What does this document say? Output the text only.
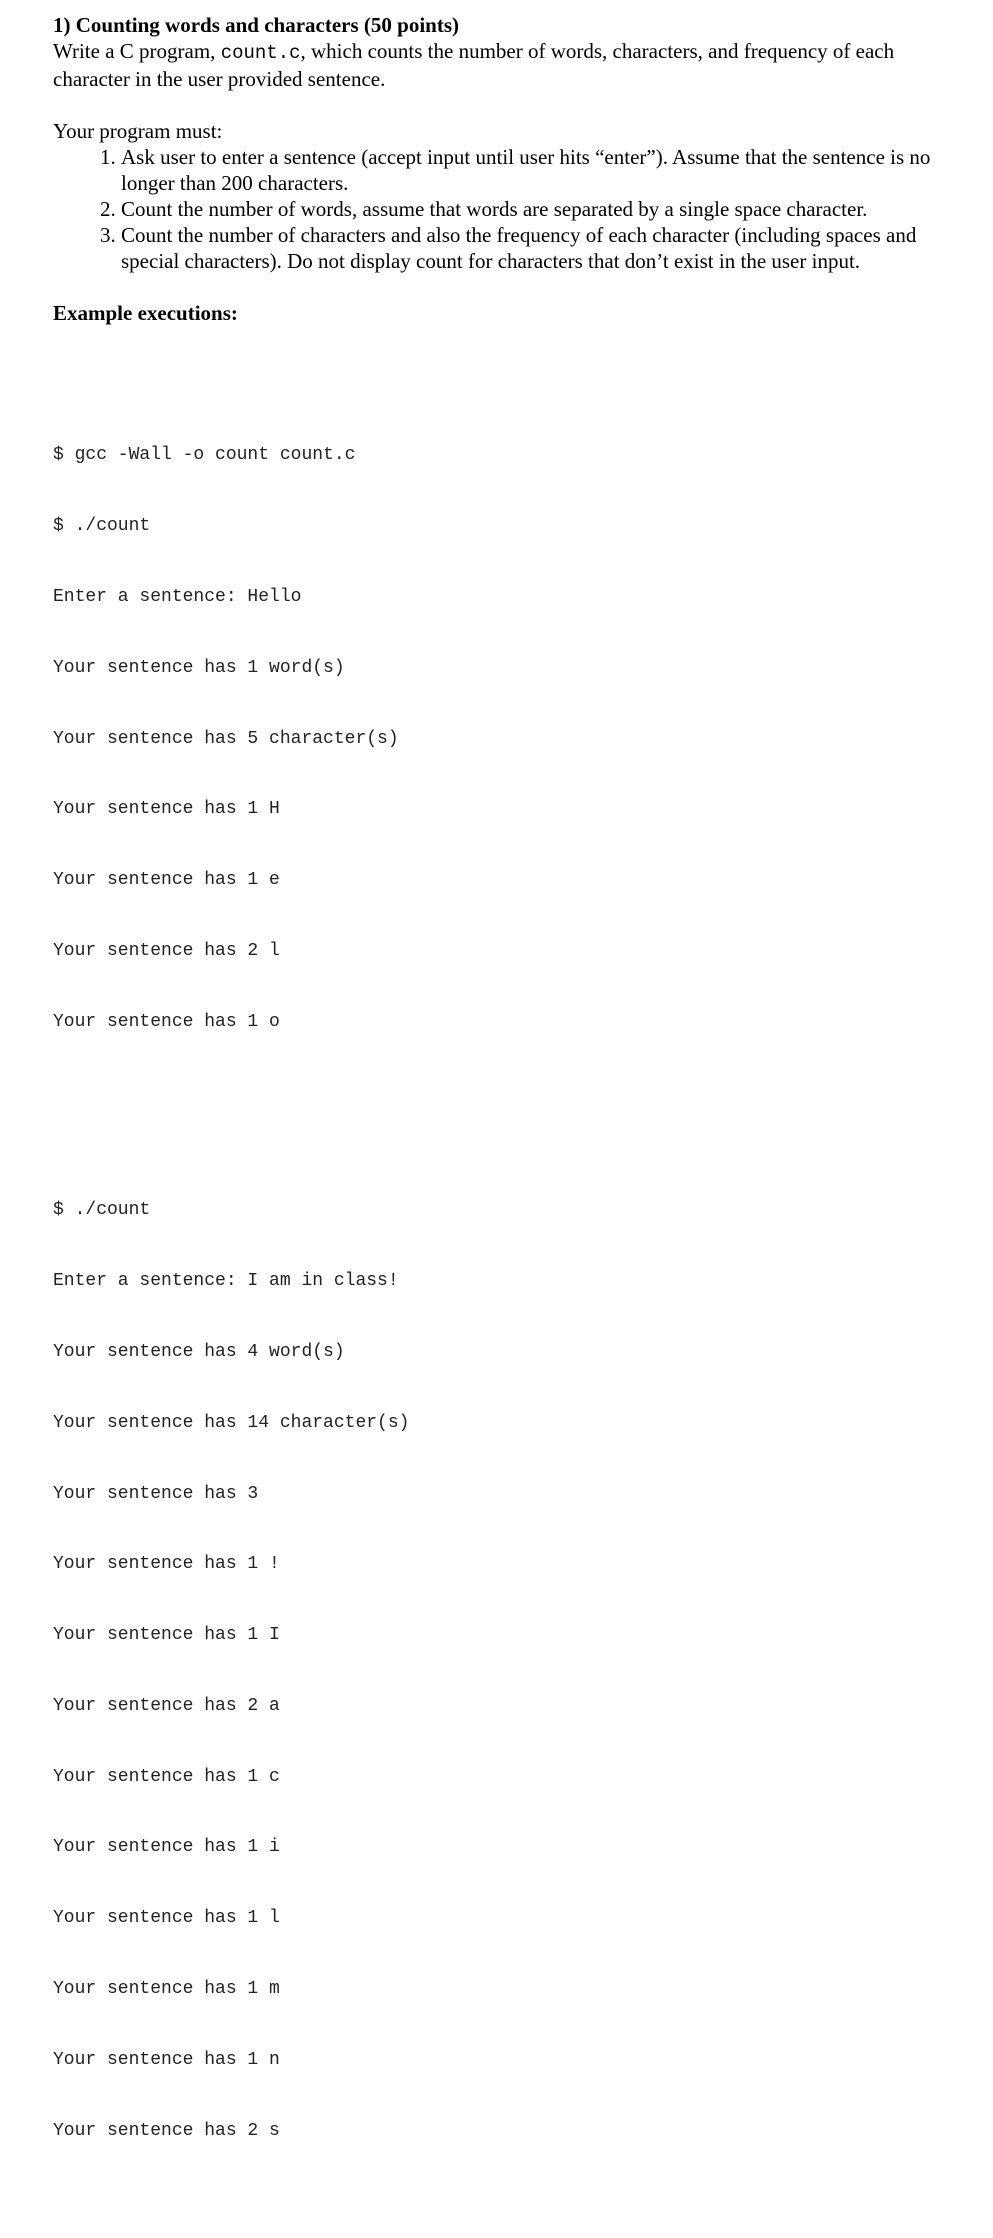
1) Counting words and characters (50 points)

Write a C program, count.c, which counts the number of words, characters, and frequency of each character in the user provided sentence.

Your program must:

1. Ask user to enter a sentence (accept input until user hits “enter”). Assume that the sentence is no longer than 200 characters.
2. Count the number of words, assume that words are separated by a single space character.
3. Count the number of characters and also the frequency of each character (including spaces and special characters). Do not display count for characters that don’t exist in the user input.

Example executions:

$ gcc -Wall -o count count.c

$ ./count

Enter a sentence: Hello

Your sentence has 1 word(s)

Your sentence has 5 character(s)

Your sentence has 1 H

Your sentence has 1 e

Your sentence has 2 l

Your sentence has 1 o

$ ./count

Enter a sentence: I am in class!

Your sentence has 4 word(s)

Your sentence has 14 character(s)

Your sentence has 3

Your sentence has 1 !

Your sentence has 1 I

Your sentence has 2 a

Your sentence has 1 c

Your sentence has 1 i

Your sentence has 1 l

Your sentence has 1 m

Your sentence has 1 n

Your sentence has 2 s
